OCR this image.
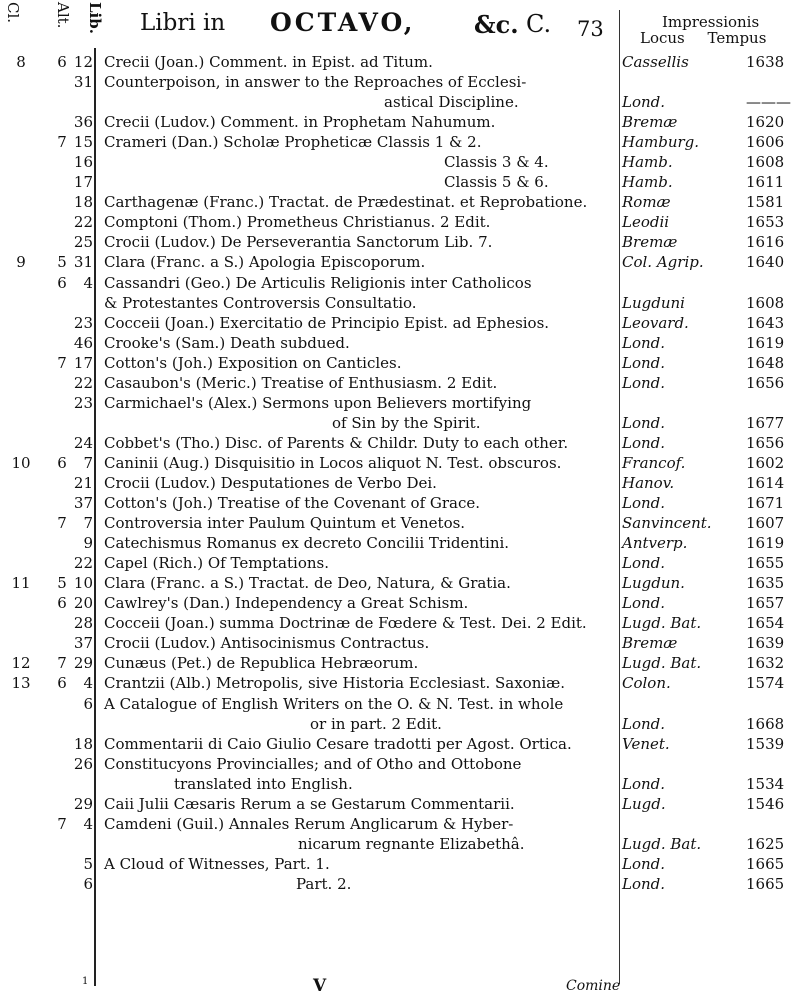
Cl. Alt. Lib. Libri in OCTAVO, &c. C. 73	Impressionis
Locus Tempus
8	6 12 Crecii (Joan.) Comment. in Epist. ad Titum.	Cassellis	1638
31 Counterpoison, in answer to the Reproaches of Ecclesi-
astical Discipline.	Lond.	———
36 Crecii (Ludov.) Comment. in Prophetam Nahumum.	Bremæ	1620
7 15 Crameri (Dan.) Scholæ Propheticæ Classis 1 & 2.	Hamburg.	1606
16	Classis 3 & 4.	Hamb.	1608
17	Classis 5 & 6.	Hamb.	1611
18 Carthagenæ (Franc.) Tractat. de Prædestinat. et Reprobatione. Romæ	1581
22 Comptoni (Thom.) Prometheus Christianus. 2 Edit.	Leodii	1653
25 Crocii (Ludov.) De Perseverantia Sanctorum Lib. 7.	Bremæ	1616
9	5 31 Clara (Franc. a S.) Apologia Episcoporum.	Col. Agrip.	1640
6	4 Cassandri (Geo.) De Articulis Religionis inter Catholicos
& Protestantes Controversis Consultatio.	Lugduni	1608
23 Cocceii (Joan.) Exercitatio de Principio Epist. ad Ephesios.	Leovard.	1643
46 Crooke's (Sam.) Death subdued.	Lond.	1619
7 17 Cotton's (Joh.) Exposition on Canticles.	Lond.	1648
22 Casaubon's (Meric.) Treatise of Enthusiasm. 2 Edit.	Lond.	1656
23 Carmichael's (Alex.) Sermons upon Believers mortifying
of Sin by the Spirit.	Lond.	1677
24 Cobbet's (Tho.) Disc. of Parents & Childr. Duty to each other.	Lond.	1656
10	6	7 Caninii (Aug.) Disquisitio in Locos aliquot N. Test. obscuros.	Francof.	1602
21 Crocii (Ludov.) Desputationes de Verbo Dei.	Hanov.	1614
37 Cotton's (Joh.) Treatise of the Covenant of Grace.	Lond.	1671
7	7 Controversia inter Paulum Quintum et Venetos.	Sanvincent. 1607
9 Catechismus Romanus ex decreto Concilii Tridentini.	Antverp.	1619
22 Capel (Rich.) Of Temptations.	Lond.	1655
11	5 10 Clara (Franc. a S.) Tractat. de Deo, Natura, & Gratia.	Lugdun.	1635
6 20 Cawlrey's (Dan.) Independency a Great Schism.	Lond.	1657
28 Cocceii (Joan.) summa Doctrinæ de Fœdere & Test. Dei. 2 Edit. Lugd. Bat.	1654
37 Crocii (Ludov.) Antisocinismus Contractus.	Bremæ	1639
12	7 29 Cunæus (Pet.) de Republica Hebræorum.	Lugd. Bat.	1632
13	6	4 Crantzii (Alb.) Metropolis, sive Historia Ecclesiast. Saxoniæ.	Colon.	1574
6 A Catalogue of English Writers on the O. & N. Test. in whole
or in part. 2 Edit.	Lond.	1668
18 Commentarii di Caio Giulio Cesare tradotti per Agost. Ortica.	Venet.	1539
26 Constitucyons Provincialles; and of Otho and Ottobone
translated into English.	Lond.	1534
29 Caii Julii Cæsaris Rerum a se Gestarum Commentarii.	Lugd.	1546
7	4 Camdeni (Guil.) Annales Rerum Anglicarum & Hyber-
nicarum regnante Elizabethâ.	Lugd. Bat.	1625
5 A Cloud of Witnesses, Part. 1.	Lond.	1665
6	Part. 2.	Lond.	1665
1	V	Comine
